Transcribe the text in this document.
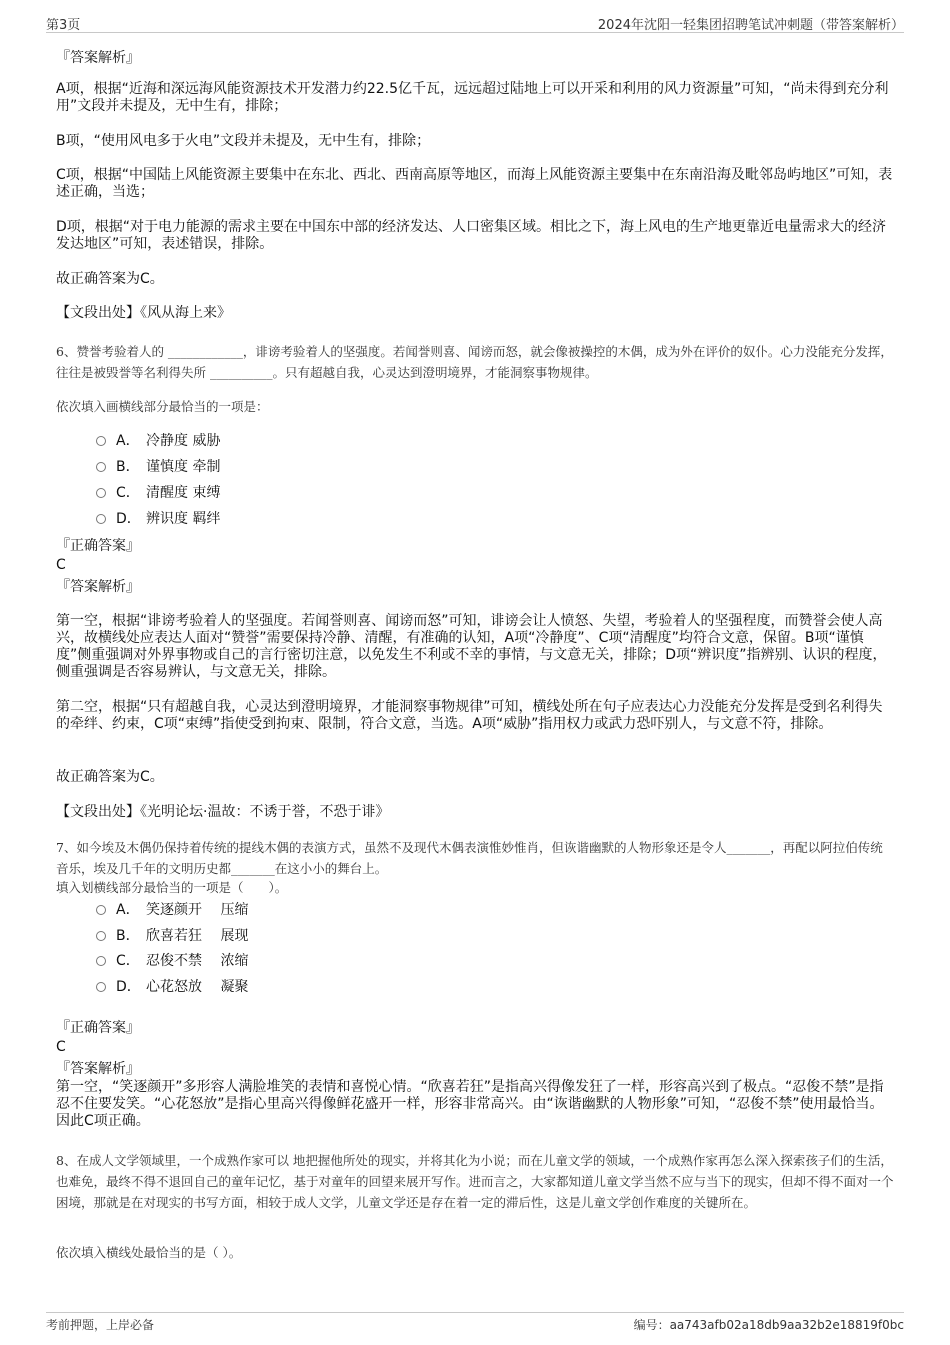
第3页	2024年沈阳一轻集团招聘笔试冲刺题（带答案解析）

『答案解析』

A项，根据“近海和深远海风能资源技术开发潜力约22.5亿千瓦，远远超过陆地上可以开采和利用的风力资源量”可知，“尚未得到充分利用”文段并未提及，无中生有，排除；

B项，“使用风电多于火电”文段并未提及，无中生有，排除；

C项，根据“中国陆上风能资源主要集中在东北、西北、西南高原等地区，而海上风能资源主要集中在东南沿海及毗邻岛屿地区”可知，表述正确，当选；

D项，根据“对于电力能源的需求主要在中国东中部的经济发达、人口密集区域。相比之下，海上风电的生产地更靠近电量需求大的经济发达地区”可知，表述错误，排除。

故正确答案为C。

【文段出处】《风从海上来》

6、赞誉考验着人的 ____________，诽谤考验着人的坚强度。若闻誉则喜、闻谤而怒，就会像被操控的木偶，成为外在评价的奴仆。心力没能充分发挥，往往是被毁誉等名利得失所 __________。只有超越自我，心灵达到澄明境界，才能洞察事物规律。

依次填入画横线部分最恰当的一项是：

A． 冷静度 威胁
B． 谨慎度 牵制
C． 清醒度 束缚
D． 辨识度 羁绊

『正确答案』

C

『答案解析』

第一空，根据“诽谤考验着人的坚强度。若闻誉则喜、闻谤而怒”可知，诽谤会让人愤怒、失望，考验着人的坚强程度，而赞誉会使人高兴，故横线处应表达人面对“赞誉”需要保持冷静、清醒，有准确的认知，A项“冷静度”、C项“清醒度”均符合文意，保留。B项“谨慎度”侧重强调对外界事物或自己的言行密切注意，以免发生不利或不幸的事情，与文意无关，排除；D项“辨识度”指辨别、认识的程度，侧重强调是否容易辨认，与文意无关，排除。

第二空，根据“只有超越自我，心灵达到澄明境界，才能洞察事物规律”可知，横线处所在句子应表达心力没能充分发挥是受到名利得失的牵绊、约束，C项“束缚”指使受到拘束、限制，符合文意，当选。A项“威胁”指用权力或武力恐吓别人，与文意不符，排除。

故正确答案为C。

【文段出处】《光明论坛·温故：不诱于誉，不恐于诽》

7、如今埃及木偶仍保持着传统的提线木偶的表演方式，虽然不及现代木偶表演惟妙惟肖，但诙谐幽默的人物形象还是令人_______，再配以阿拉伯传统音乐，埃及几千年的文明历史都_______在这小小的舞台上。

填入划横线部分最恰当的一项是（　　）。

A． 笑逐颜开　 压缩
B． 欣喜若狂　 展现
C． 忍俊不禁　 浓缩
D． 心花怒放　 凝聚

『正确答案』

C

『答案解析』

第一空，“笑逐颜开”多形容人满脸堆笑的表情和喜悦心情。“欣喜若狂”是指高兴得像发狂了一样，形容高兴到了极点。“忍俊不禁”是指忍不住要发笑。“心花怒放”是指心里高兴得像鲜花盛开一样，形容非常高兴。由“诙谐幽默的人物形象”可知，“忍俊不禁”使用最恰当。因此C项正确。

8、在成人文学领域里，一个成熟作家可以 地把握他所处的现实，并将其化为小说；而在儿童文学的领域，一个成熟作家再怎么深入探索孩子们的生活，也难免，最终不得不退回自己的童年记忆，基于对童年的回望来展开写作。进而言之，大家都知道儿童文学当然不应与当下的现实，但却不得不面对一个困境，那就是在对现实的书写方面，相较于成人文学，儿童文学还是存在着一定的滞后性，这是儿童文学创作难度的关键所在。

依次填入横线处最恰当的是（ ）。

考前押题，上岸必备	编号：aa743afb02a18db9aa32b2e18819f0bc
